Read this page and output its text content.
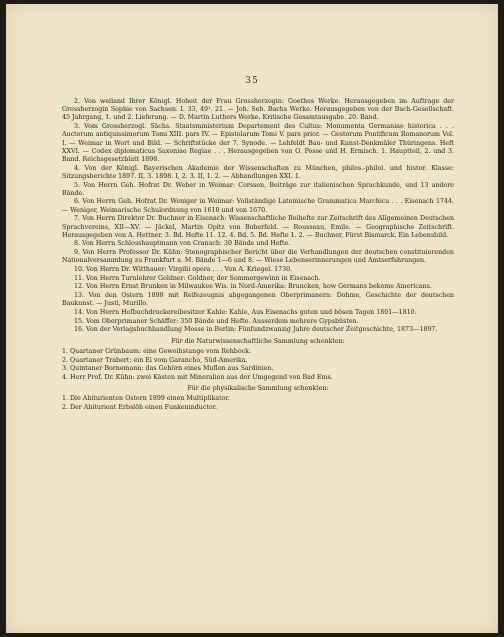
35
2. Von weiland Ihrer Königl. Hoheit der Frau Grossherzogin: Goethes Werke. Herausgegeben im Auftrage der Grossherzogin Sophie von Sachsen. I. 33, 49¹. 21. — Joh. Seb. Bachs Werke. Herausgegeben von der Bach-Gesellschaft. 45 Jahrgang, 1. und 2. Lieferung. — D. Martin Luthers Werke. Kritische Gesamtausgabe. 20. Band.
3. Vom Grossherzogl. Sächs. Staatsministerium Departement des Cultus: Monumenta Germaniae historica . . . Auctorum antiquissimorum Tomi XIII. pars IV. — Epistolarum Tomi V. pars prior. — Gestorum Pontificum Romanorum Vol. I. — Weimar in Wort und Bild. — Schriftstücke der 7. Synode. — Lehfeldt Bau- und Kunst-Denkmäler Thüringens. Heft XXVI. — Codex diplomaticus Saxoniae Regiae . . . Herausgegeben von O. Posse und H. Ermisch. 1. Hauptteil, 2. und 3. Band. Reichsgesetzblatt 1898.
4. Von der Königl. Bayerischen Akademie der Wissenschaften zu München, philos.-philol. und histor. Klasse: Sitzungsberichte 1897. II, 3. 1898. I, 2. 3. II, 1. 2. — Abhandlungen XXI. 1.
5. Von Herrn Geh. Hofrat Dr. Weber in Weimar: Corssen, Beiträge zur italienischen Sprachkunde, und 13 andere Bände.
6. Von Herrn Geh. Hofrat Dr. Weniger in Weimar: Vollständige Lateinische Grammatica Marchica . . . Eisenach 1744. — Weniger, Weimarische Schulordnung von 1610 und von 1670.
7. Von Herrn Direktor Dr. Buchner in Eisenach: Wissenschaftliche Beihefte zur Zeitschrift des Allgemeinen Deutschen Sprachvereins, XII—XV. — Jäckel, Martin Opitz von Boberfeld. — Rousseau, Emile. — Geographische Zeitschrift. Herausgegeben von A. Hettner. 3. Bd. Hefte 11. 12. 4. Bd. 5. Bd. Hefte 1. 2. — Buchner, Fürst Bismarck. Ein Lebensbild.
8. Von Herrn Schlosshauptmann von Cranach: 30 Bände und Hefte.
9. Von Herrn Professor Dr. Kühn: Stenographischer Bericht über die Verhandlungen der deutschen constituierenden Nationalversammlung zu Frankfurt a. M. Bände 1—6 und 8. — Wiese Lebenserinnerungen und Amtserfahrungen.
10. Von Herrn Dr. Witthauer: Virgilii opera . . . Von A. Kriegel. 1730.
11. Von Herrn Turnlehrer Goldner: Goldner, der Sommergewinn in Eisenach.
12. Von Herrn Ernst Brunken in Milwaukee Wis. in Nord-Amerika: Bruncken, how Germans bekome Americans.
13. Von den Ostern 1898 mit Reifezeugnis abgegangenen Oberprimanern: Dohme, Geschichte der deutschen Baukunst. — Justi, Murillo.
14. Von Herrn Hofbuchdruckereibesitzer Kahle: Kahle, Aus Eisenachs guten und bösen Tagen 1801—1810.
15. Vom Oberprimaner Schäffer: 350 Bände und Hefte. Ausserdem mehrere Gypsbüsten.
16. Von der Verlagsbuchhandlung Mosse in Berlin: Fünfundzwanzig Jahre deutscher Zeitgeschichte, 1873—1897.
Für die Naturwissenschaftliche Sammlung schenkten:
1. Quartaner Grünbaum: eine Geweihstange vom Rehbock.
2. Quartaner Trabert: ein Ei vom Garancho, Süd-Amerika.
3. Quintaner Bornemann: das Gehörn eines Muflon aus Sardinien.
4. Herr Prof. Dr. Kühn: zwei Kästen mit Mineralien aus der Umgegend von Bad Ems.
Für die physikalische Sammlung schenkten:
1. Die Abiturienten Ostern 1899 einen Multiplikator.
2. Der Abiturient Erbslöh einen Funkeninductor.
